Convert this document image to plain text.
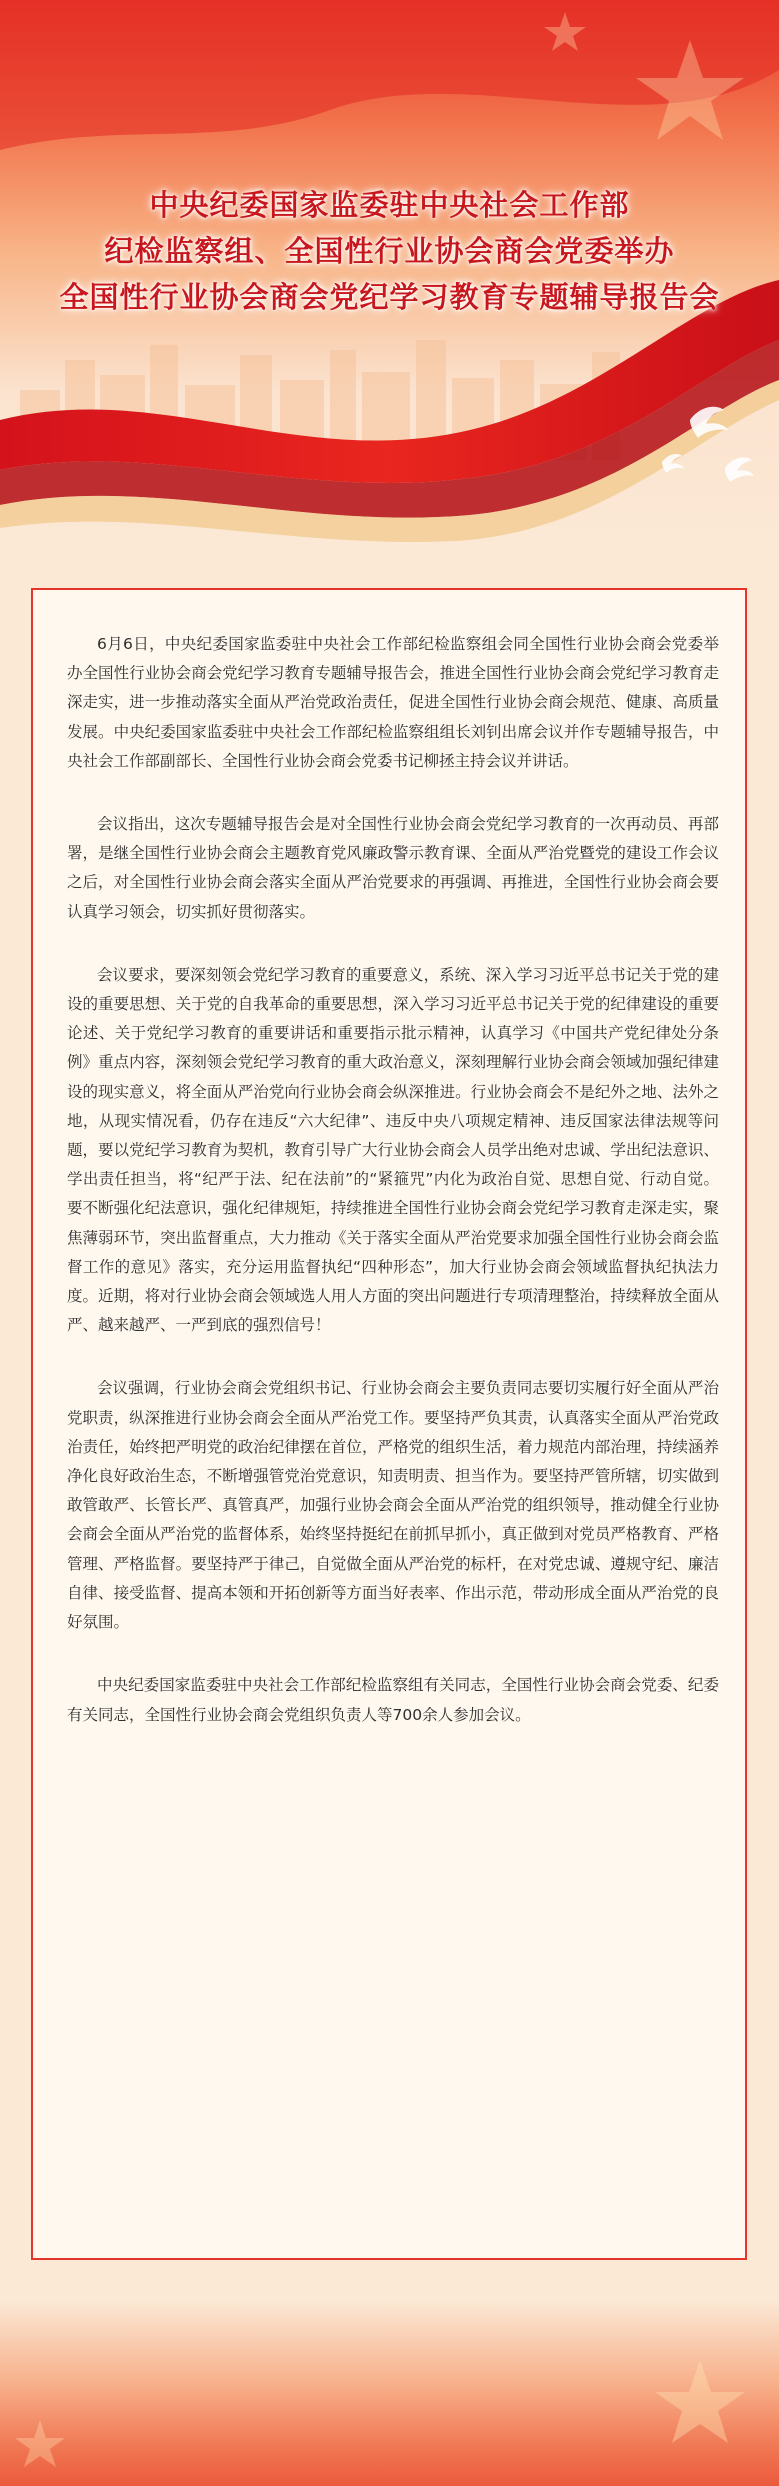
中央纪委国家监委驻中央社会工作部
纪检监察组、全国性行业协会商会党委举办
全国性行业协会商会党纪学习教育专题辅导报告会

6月6日，中央纪委国家监委驻中央社会工作部纪检监察组会同全国性行业协会商会党委举办全国性行业协会商会党纪学习教育专题辅导报告会，推进全国性行业协会商会党纪学习教育走深走实，进一步推动落实全面从严治党政治责任，促进全国性行业协会商会规范、健康、高质量发展。中央纪委国家监委驻中央社会工作部纪检监察组组长刘钊出席会议并作专题辅导报告，中央社会工作部副部长、全国性行业协会商会党委书记柳拯主持会议并讲话。

会议指出，这次专题辅导报告会是对全国性行业协会商会党纪学习教育的一次再动员、再部署，是继全国性行业协会商会主题教育党风廉政警示教育课、全面从严治党暨党的建设工作会议之后，对全国性行业协会商会落实全面从严治党要求的再强调、再推进，全国性行业协会商会要认真学习领会，切实抓好贯彻落实。

会议要求，要深刻领会党纪学习教育的重要意义，系统、深入学习习近平总书记关于党的建设的重要思想、关于党的自我革命的重要思想，深入学习习近平总书记关于党的纪律建设的重要论述、关于党纪学习教育的重要讲话和重要指示批示精神，认真学习《中国共产党纪律处分条例》重点内容，深刻领会党纪学习教育的重大政治意义，深刻理解行业协会商会领域加强纪律建设的现实意义，将全面从严治党向行业协会商会纵深推进。行业协会商会不是纪外之地、法外之地，从现实情况看，仍存在违反“六大纪律”、违反中央八项规定精神、违反国家法律法规等问题，要以党纪学习教育为契机，教育引导广大行业协会商会人员学出绝对忠诚、学出纪法意识、学出责任担当，将“纪严于法、纪在法前”的“紧箍咒”内化为政治自觉、思想自觉、行动自觉。要不断强化纪法意识，强化纪律规矩，持续推进全国性行业协会商会党纪学习教育走深走实，聚焦薄弱环节，突出监督重点，大力推动《关于落实全面从严治党要求加强全国性行业协会商会监督工作的意见》落实，充分运用监督执纪“四种形态”，加大行业协会商会领域监督执纪执法力度。近期，将对行业协会商会领域选人用人方面的突出问题进行专项清理整治，持续释放全面从严、越来越严、一严到底的强烈信号！

会议强调，行业协会商会党组织书记、行业协会商会主要负责同志要切实履行好全面从严治党职责，纵深推进行业协会商会全面从严治党工作。要坚持严负其责，认真落实全面从严治党政治责任，始终把严明党的政治纪律摆在首位，严格党的组织生活，着力规范内部治理，持续涵养净化良好政治生态，不断增强管党治党意识，知责明责、担当作为。要坚持严管所辖，切实做到敢管敢严、长管长严、真管真严，加强行业协会商会全面从严治党的组织领导，推动健全行业协会商会全面从严治党的监督体系，始终坚持挺纪在前抓早抓小，真正做到对党员严格教育、严格管理、严格监督。要坚持严于律己，自觉做全面从严治党的标杆，在对党忠诚、遵规守纪、廉洁自律、接受监督、提高本领和开拓创新等方面当好表率、作出示范，带动形成全面从严治党的良好氛围。

中央纪委国家监委驻中央社会工作部纪检监察组有关同志，全国性行业协会商会党委、纪委有关同志，全国性行业协会商会党组织负责人等700余人参加会议。
